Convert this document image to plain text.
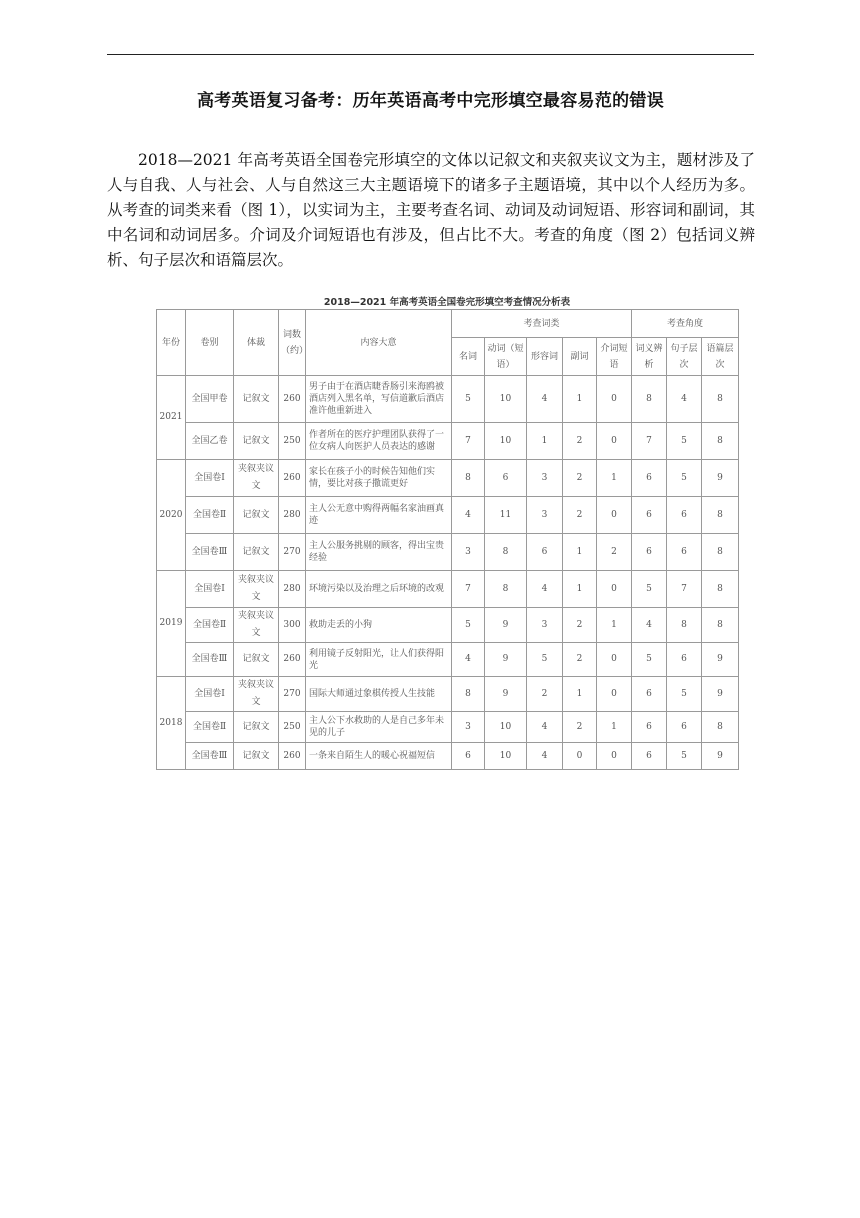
高考英语复习备考：历年英语高考中完形填空最容易范的错误
2018—2021 年高考英语全国卷完形填空的文体以记叙文和夹叙夹议文为主，题材涉及了人与自我、人与社会、人与自然这三大主题语境下的诸多子主题语境，其中以个人经历为多。从考查的词类来看（图 1），以实词为主，主要考查名词、动词及动词短语、形容词和副词，其中名词和动词居多。介词及介词短语也有涉及，但占比不大。考查的角度（图 2）包括词义辨析、句子层次和语篇层次。
2018—2021 年高考英语全国卷完形填空考查情况分析表
年份	卷别	体裁	词数（约）	内容大意	考查词类					考查角度		
					名词	动词（短语）	形容词	副词	介词短语	词义辨析	句子层次	语篇层次
2021	全国甲卷	记叙文	260	男子由于在酒店睫香肠引来海鸥被酒店列入黑名单，写信道歉后酒店准许他重新进入	5	10	4	1	0	8	4	8
	全国乙卷	记叙文	250	作者所在的医疗护理团队获得了一位女病人向医护人员表达的感谢	7	10	1	2	0	7	5	8
2020	全国卷Ⅰ	夹叙夹议文	260	家长在孩子小的时候告知他们实情，要比对孩子撒谎更好	8	6	3	2	1	6	5	9
	全国卷Ⅱ	记叙文	280	主人公无意中购得两幅名家油画真迹	4	11	3	2	0	6	6	8
	全国卷Ⅲ	记叙文	270	主人公服务挑剔的顾客，得出宝贵经验	3	8	6	1	2	6	6	8
2019	全国卷Ⅰ	夹叙夹议文	280	环境污染以及治理之后环境的改观	7	8	4	1	0	5	7	8
	全国卷Ⅱ	夹叙夹议文	300	救助走丢的小狗	5	9	3	2	1	4	8	8
	全国卷Ⅲ	记叙文	260	利用镜子反射阳光，让人们获得阳光	4	9	5	2	0	5	6	9
2018	全国卷Ⅰ	夹叙夹议文	270	国际大师通过象棋传授人生技能	8	9	2	1	0	6	5	9
	全国卷Ⅱ	记叙文	250	主人公下水救助的人是自己多年未见的儿子	3	10	4	2	1	6	6	8
	全国卷Ⅲ	记叙文	260	一条来自陌生人的暖心祝福短信	6	10	4	0	0	6	5	9
